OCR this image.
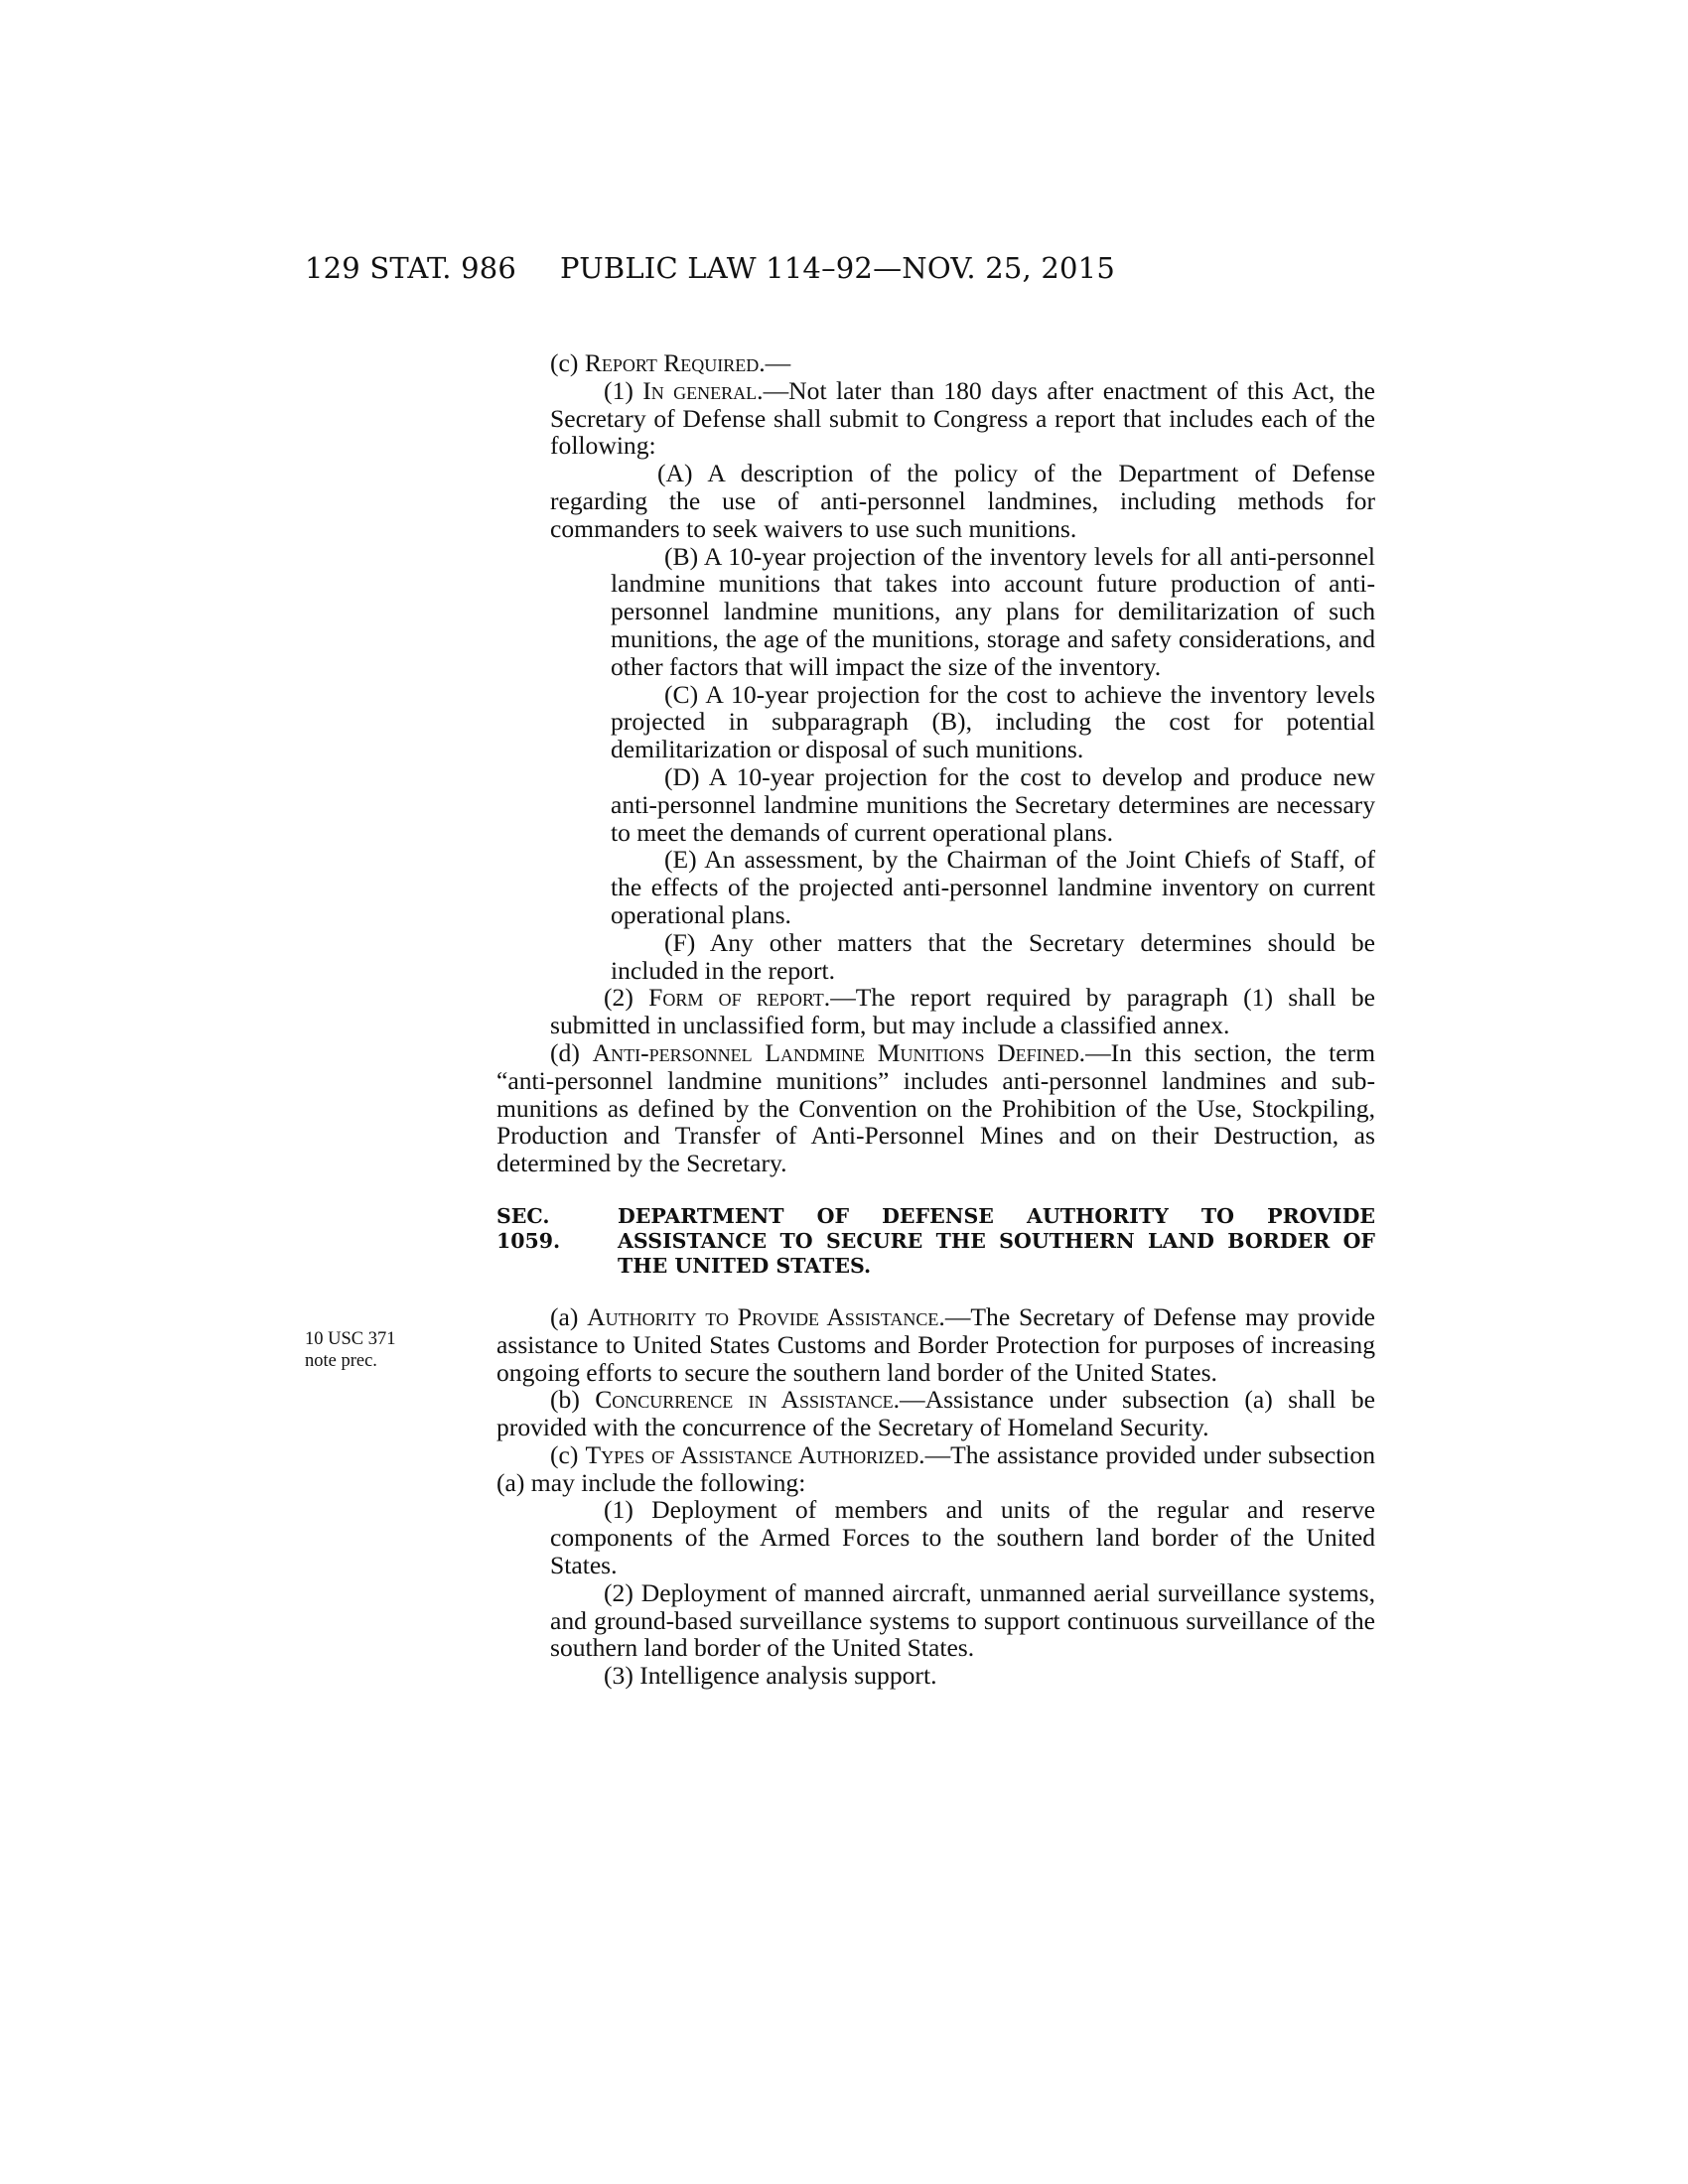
129 STAT. 986 PUBLIC LAW 114–92—NOV. 25, 2015
10 USC 371
note prec.

(c) Report Required.—

(1) In general.—Not later than 180 days after enactment of this Act, the Secretary of Defense shall submit to Congress a report that includes each of the following:

(A) A description of the policy of the Department of Defense regarding the use of anti-personnel landmines, including methods for commanders to seek waivers to use such munitions.

(B) A 10-year projection of the inventory levels for all anti-personnel landmine munitions that takes into account future production of anti-personnel landmine munitions, any plans for demilitarization of such munitions, the age of the munitions, storage and safety considerations, and other factors that will impact the size of the inventory.

(C) A 10-year projection for the cost to achieve the inventory levels projected in subparagraph (B), including the cost for potential demilitarization or disposal of such munitions.

(D) A 10-year projection for the cost to develop and produce new anti-personnel landmine munitions the Secretary determines are necessary to meet the demands of current operational plans.

(E) An assessment, by the Chairman of the Joint Chiefs of Staff, of the effects of the projected anti-personnel landmine inventory on current operational plans.

(F) Any other matters that the Secretary determines should be included in the report.

(2) Form of report.—The report required by paragraph (1) shall be submitted in unclassified form, but may include a classified annex.

(d) Anti-personnel Landmine Munitions Defined.—In this section, the term “anti-personnel landmine munitions” includes anti-personnel landmines and sub-munitions as defined by the Convention on the Prohibition of the Use, Stockpiling, Production and Transfer of Anti-Personnel Mines and on their Destruction, as determined by the Secretary.

SEC. 1059.
DEPARTMENT OF DEFENSE AUTHORITY TO PROVIDE ASSISTANCE TO SECURE THE SOUTHERN LAND BORDER OF THE UNITED STATES.

(a) Authority to Provide Assistance.—The Secretary of Defense may provide assistance to United States Customs and Border Protection for purposes of increasing ongoing efforts to secure the southern land border of the United States.

(b) Concurrence in Assistance.—Assistance under subsection (a) shall be provided with the concurrence of the Secretary of Homeland Security.

(c) Types of Assistance Authorized.—The assistance provided under subsection (a) may include the following:

(1) Deployment of members and units of the regular and reserve components of the Armed Forces to the southern land border of the United States.

(2) Deployment of manned aircraft, unmanned aerial surveillance systems, and ground-based surveillance systems to support continuous surveillance of the southern land border of the United States.

(3) Intelligence analysis support.
